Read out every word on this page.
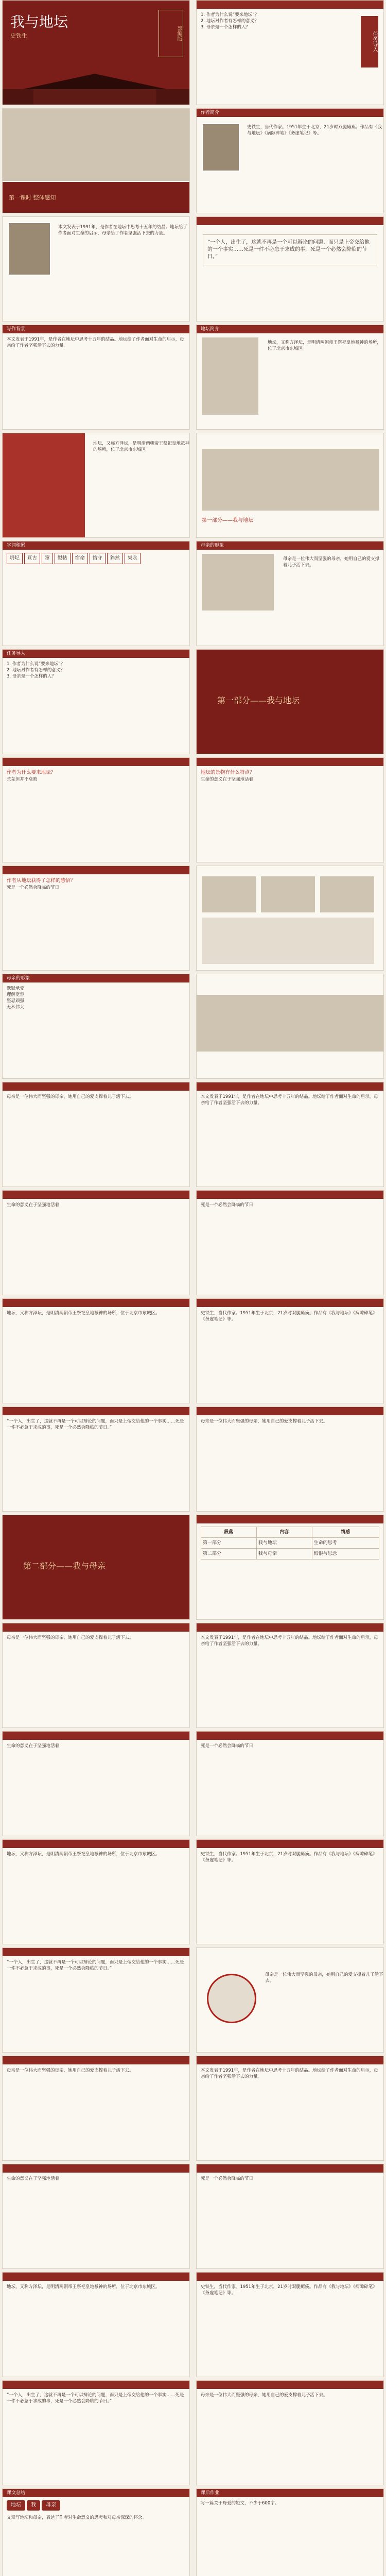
我与地坛
史铁生	部编版
1. 作者为什么说“要来地坛”？
2. 地坛对作者有怎样的意义？
3. 母亲是一个怎样的人？
任务导入
第一课时 整体感知
作者简介
史铁生，当代作家。1951年生于北京，21岁时双腿瘫痪。作品有《我与地坛》《病隙碎笔》《务虚笔记》等。
本文发表于1991年，是作者在地坛中思考十五年的结晶。地坛给了作者面对生命的启示，母亲给了作者坚强活下去的力量。
“一个人，出生了，这就不再是一个可以辩论的问题，而只是上帝交给他的一个事实……死是一件不必急于求成的事，死是一个必然会降临的节日。”
写作背景
本文发表于1991年，是作者在地坛中思考十五年的结晶。地坛给了作者面对生命的启示，母亲给了作者坚强活下去的力量。
地坛简介
地坛，又称方泽坛，是明清两朝帝王祭祀皇地祇神的场所，位于北京市东城区。
地坛，又称方泽坛，是明清两朝帝王祭祀皇地祇神的场所，位于北京市东城区。
第一部分——我与地坛
字词积累
坍圮 亘古 窜 熨帖 宿命 恪守 猝然 隽永
母亲的形象
母亲是一位伟大而坚强的母亲，她用自己的爱支撑着儿子活下去。
任务导入
1. 作者为什么说“要来地坛”？
2. 地坛对作者有怎样的意义？
3. 母亲是一个怎样的人？
第一部分——我与地坛
作者为什么要来地坛？
荒芜但并不衰败
地坛的景物有什么特点？
生命的意义在于坚强地活着
作者从地坛获得了怎样的感悟？
死是一个必然会降临的节日
母亲的形象
默默承受
理解宽容
坚忍顽强
无私伟大
母亲是一位伟大而坚强的母亲，她用自己的爱支撑着儿子活下去。	本文发表于1991年，是作者在地坛中思考十五年的结晶。地坛给了作者面对生命的启示，母亲给了作者坚强活下去的力量。
生命的意义在于坚强地活着	死是一个必然会降临的节日
地坛，又称方泽坛，是明清两朝帝王祭祀皇地祇神的场所，位于北京市东城区。	史铁生，当代作家。1951年生于北京，21岁时双腿瘫痪。作品有《我与地坛》《病隙碎笔》《务虚笔记》等。
“一个人，出生了，这就不再是一个可以辩论的问题，而只是上帝交给他的一个事实……死是一件不必急于求成的事，死是一个必然会降临的节日。”
母亲是一位伟大而坚强的母亲，她用自己的爱支撑着儿子活下去。
第二部分——我与母亲
段落	内容	情感
第一部分	我与地坛	生命的思考
第二部分	我与母亲	悔恨与思念
母亲是一位伟大而坚强的母亲，她用自己的爱支撑着儿子活下去。	本文发表于1991年，是作者在地坛中思考十五年的结晶。地坛给了作者面对生命的启示，母亲给了作者坚强活下去的力量。
生命的意义在于坚强地活着	死是一个必然会降临的节日
地坛，又称方泽坛，是明清两朝帝王祭祀皇地祇神的场所，位于北京市东城区。	史铁生，当代作家。1951年生于北京，21岁时双腿瘫痪。作品有《我与地坛》《病隙碎笔》《务虚笔记》等。
“一个人，出生了，这就不再是一个可以辩论的问题，而只是上帝交给他的一个事实……死是一件不必急于求成的事，死是一个必然会降临的节日。”
母亲是一位伟大而坚强的母亲，她用自己的爱支撑着儿子活下去。
母亲是一位伟大而坚强的母亲，她用自己的爱支撑着儿子活下去。	本文发表于1991年，是作者在地坛中思考十五年的结晶。地坛给了作者面对生命的启示，母亲给了作者坚强活下去的力量。
生命的意义在于坚强地活着	死是一个必然会降临的节日
地坛，又称方泽坛，是明清两朝帝王祭祀皇地祇神的场所，位于北京市东城区。	史铁生，当代作家。1951年生于北京，21岁时双腿瘫痪。作品有《我与地坛》《病隙碎笔》《务虚笔记》等。
“一个人，出生了，这就不再是一个可以辩论的问题，而只是上帝交给他的一个事实……死是一件不必急于求成的事，死是一个必然会降临的节日。”
母亲是一位伟大而坚强的母亲，她用自己的爱支撑着儿子活下去。
课文总结
地坛 我 母亲
文章写地坛和母亲，表达了作者对生命意义的思考和对母亲深深的怀念。
课后作业
写一篇关于母爱的短文，不少于600字。
